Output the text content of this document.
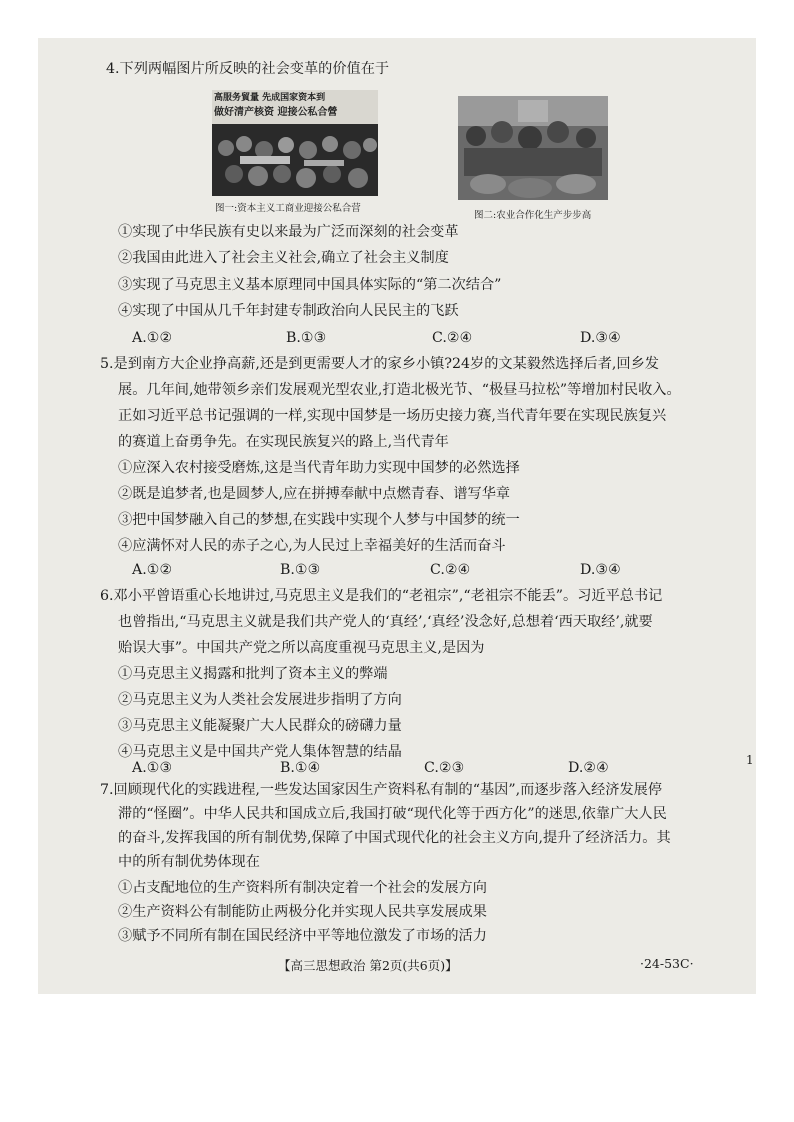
4.下列两幅图片所反映的社会变革的价值在于
高服务貿量 先成国家资本到
做好清产核资 迎接公私合營
图一:资本主义工商业迎接公私合营
图二:农业合作化生产步步高
①实现了中华民族有史以来最为广泛而深刻的社会变革
②我国由此进入了社会主义社会,确立了社会主义制度
③实现了马克思主义基本原理同中国具体实际的“第二次结合”
④实现了中国从几千年封建专制政治向人民民主的飞跃
A.①②	B.①③	C.②④	D.③④
5.是到南方大企业挣高薪,还是到更需要人才的家乡小镇?24岁的文某毅然选择后者,回乡发
展。几年间,她带领乡亲们发展观光型农业,打造北极光节、“极昼马拉松”等增加村民收入。
正如习近平总书记强调的一样,实现中国梦是一场历史接力赛,当代青年要在实现民族复兴
的赛道上奋勇争先。在实现民族复兴的路上,当代青年
①应深入农村接受磨炼,这是当代青年助力实现中国梦的必然选择
②既是追梦者,也是圆梦人,应在拼搏奉献中点燃青春、谱写华章
③把中国梦融入自己的梦想,在实践中实现个人梦与中国梦的统一
④应满怀对人民的赤子之心,为人民过上幸福美好的生活而奋斗
A.①②	B.①③	C.②④	D.③④
6.邓小平曾语重心长地讲过,马克思主义是我们的“老祖宗”,“老祖宗不能丢”。习近平总书记
也曾指出,“马克思主义就是我们共产党人的‘真经’,‘真经’没念好,总想着‘西天取经’,就要
贻误大事”。中国共产党之所以高度重视马克思主义,是因为
①马克思主义揭露和批判了资本主义的弊端
②马克思主义为人类社会发展进步指明了方向
③马克思主义能凝聚广大人民群众的磅礴力量
④马克思主义是中国共产党人集体智慧的结晶
A.①③	B.①④	C.②③	D.②④
7.回顾现代化的实践进程,一些发达国家因生产资料私有制的“基因”,而逐步落入经济发展停
滞的“怪圈”。中华人民共和国成立后,我国打破“现代化等于西方化”的迷思,依靠广大人民
的奋斗,发挥我国的所有制优势,保障了中国式现代化的社会主义方向,提升了经济活力。其
中的所有制优势体现在
①占支配地位的生产资料所有制决定着一个社会的发展方向
②生产资料公有制能防止两极分化并实现人民共享发展成果
③赋予不同所有制在国民经济中平等地位激发了市场的活力
【高三思想政治 第2页(共6页)】	·24-53C·
1
